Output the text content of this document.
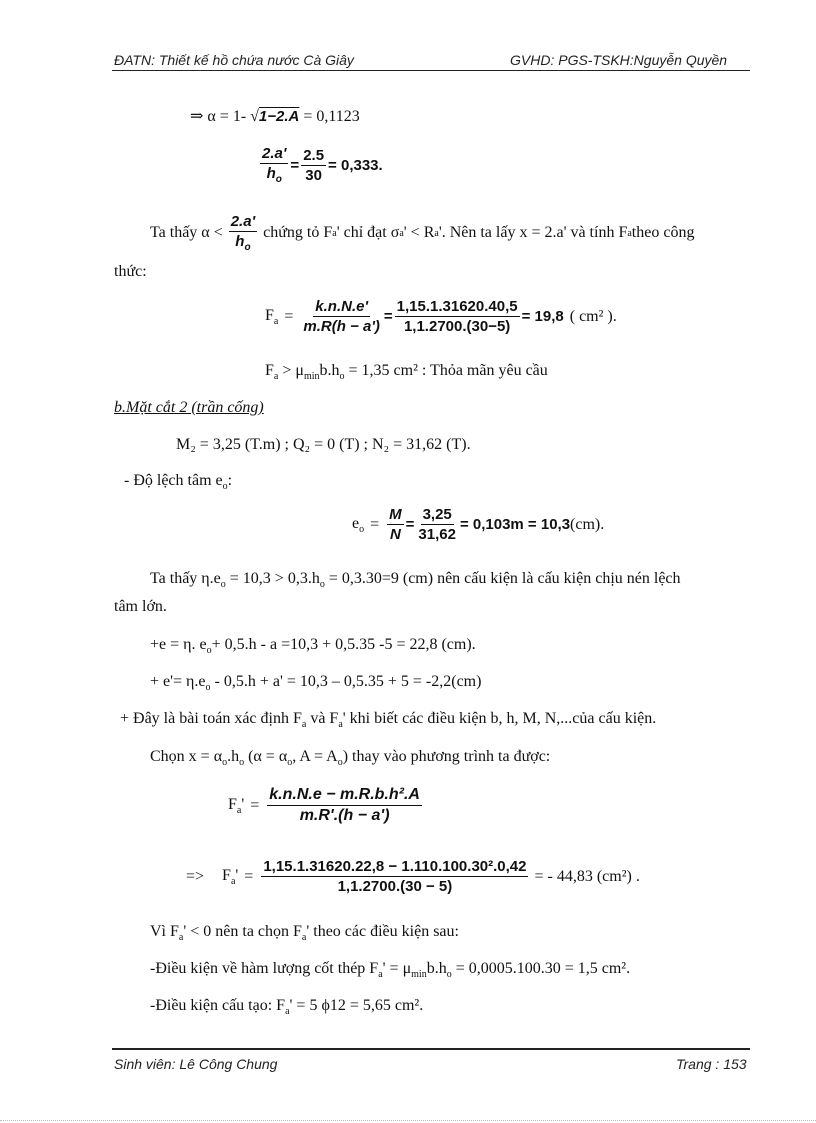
ĐATN: Thiết kế hồ chứa nước Cà Giây	GVHD: PGS-TSKH:Nguyễn Quyền
⇒ α = 1- √1−2.A = 0,1123
$\frac{2.a'}{h_o} = \frac{2.5}{30} = 0,333$.
Ta thấy $\alpha < \frac{2.a'}{h_o}$ chứng tỏ F a ' chỉ đạt σ a ' < R a '. Nên ta lấy x = 2.a' và tính F a theo công
thức:
$F_a = \frac{k.n.N.e'}{m.R(h - a')} = \frac{1,15.1.31620.40,5}{1,1.2700.(30-5)} = 19,8$ ( cm² ).
$F_a > \mu_{min}b.h_o = 1,35$ cm² : Thỏa mãn yêu cầu
b.Mặt cắt 2 (trần cống)
M₂ = 3,25 (T.m) ; Q₂ = 0 (T) ; N₂ = 31,62 (T).
- Độ lệch tâm $e_o$:
$e_o = \frac{M}{N} = \frac{3,25}{31,62} = 0,103m = 10,3$ (cm).
Ta thấy $\eta.e_o = 10,3 > 0,3.h_o = 0,3.30=9$ (cm) nên cấu kiện là cấu kiện chịu nén lệch
tâm lớn.
+e = η. $e_o+ 0,5.h - a =10,3 + 0,5.35$ -5 = 22,8 (cm).
+ $e'= \eta.e_o - 0,5.h + a' = 10,3 - 0,5.35 + 5 = -2,2(cm)$
+ Đây là bài toán xác định $F_a$ và $F_a'$ khi biết các điều kiện b, h, M, N,...của cấu kiện.
Chọn $x = \alpha_o.h_o$ ($\alpha = \alpha_o$, $A = A_o$) thay vào phương trình ta được:
$F_a' = \frac{\text{k.n.N.e − m.R.b.h².A}}{m.R'.(h - a')}$
=> $F_a' = \frac{\text{1,15.1.31620.22,8 − 1.110.100.30².0,42}}{1,1.2700.(30 - 5)}$ = - 44,83 (cm²) .
Vì $F_a' < 0$ nên ta chọn $F_a'$ theo các điều kiện sau:
-Điều kiện về hàm lượng cốt thép $F_a' = \mu_{min}b.h_o = 0,0005.100.30 = 1,5$ cm².
-Điều kiện cấu tạo: $F_a' = 5$ ϕ12 = 5,65 cm².
Sinh viên: Lê Công Chung	Trang : 153
